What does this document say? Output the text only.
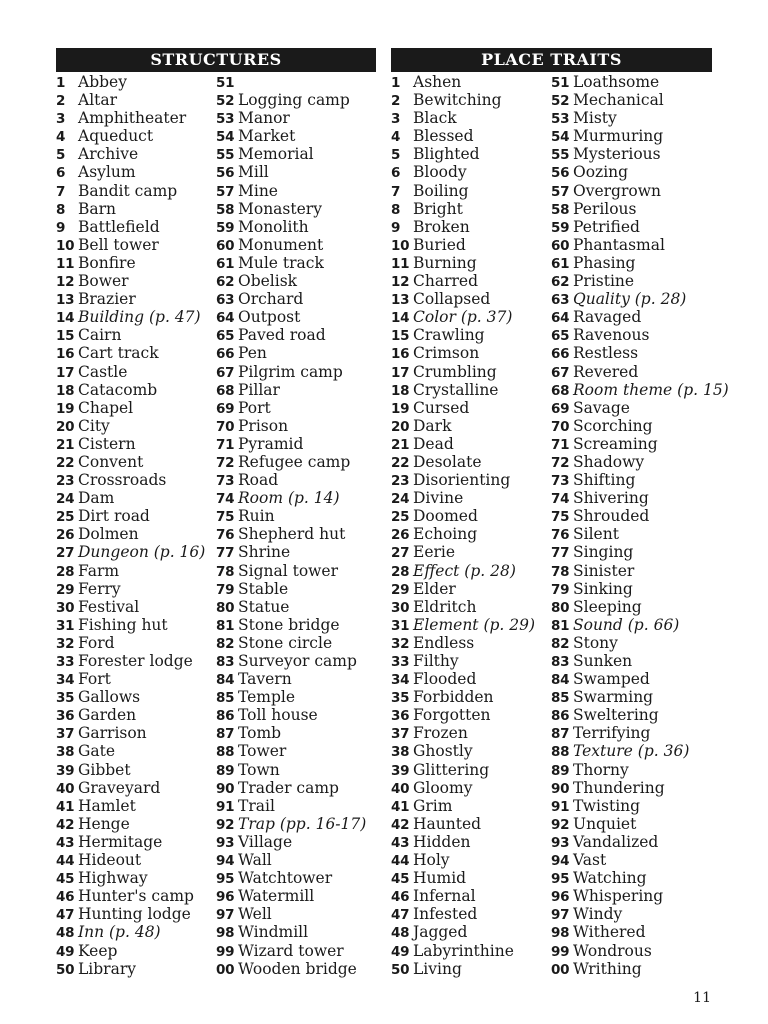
STRUCTURES
1 Abbey
2 Altar
3 Amphitheater
4 Aqueduct
5 Archive
6 Asylum
7 Bandit camp
8 Barn
9 Battlefield
10 Bell tower
11 Bonfire
12 Bower
13 Brazier
14 Building (p. 47)
15 Cairn
16 Cart track
17 Castle
18 Catacomb
19 Chapel
20 City
21 Cistern
22 Convent
23 Crossroads
24 Dam
25 Dirt road
26 Dolmen
27 Dungeon (p. 16)
28 Farm
29 Ferry
30 Festival
31 Fishing hut
32 Ford
33 Forester lodge
34 Fort
35 Gallows
36 Garden
37 Garrison
38 Gate
39 Gibbet
40 Graveyard
41 Hamlet
42 Henge
43 Hermitage
44 Hideout
45 Highway
46 Hunter's camp
47 Hunting lodge
48 Inn (p. 48)
49 Keep
50 Library
51
52 Logging camp
53 Manor
54 Market
55 Memorial
56 Mill
57 Mine
58 Monastery
59 Monolith
60 Monument
61 Mule track
62 Obelisk
63 Orchard
64 Outpost
65 Paved road
66 Pen
67 Pilgrim camp
68 Pillar
69 Port
70 Prison
71 Pyramid
72 Refugee camp
73 Road
74 Room (p. 14)
75 Ruin
76 Shepherd hut
77 Shrine
78 Signal tower
79 Stable
80 Statue
81 Stone bridge
82 Stone circle
83 Surveyor camp
84 Tavern
85 Temple
86 Toll house
87 Tomb
88 Tower
89 Town
90 Trader camp
91 Trail
92 Trap (pp. 16-17)
93 Village
94 Wall
95 Watchtower
96 Watermill
97 Well
98 Windmill
99 Wizard tower
00 Wooden bridge
PLACE TRAITS
1 Ashen
2 Bewitching
3 Black
4 Blessed
5 Blighted
6 Bloody
7 Boiling
8 Bright
9 Broken
10 Buried
11 Burning
12 Charred
13 Collapsed
14 Color (p. 37)
15 Crawling
16 Crimson
17 Crumbling
18 Crystalline
19 Cursed
20 Dark
21 Dead
22 Desolate
23 Disorienting
24 Divine
25 Doomed
26 Echoing
27 Eerie
28 Effect (p. 28)
29 Elder
30 Eldritch
31 Element (p. 29)
32 Endless
33 Filthy
34 Flooded
35 Forbidden
36 Forgotten
37 Frozen
38 Ghostly
39 Glittering
40 Gloomy
41 Grim
42 Haunted
43 Hidden
44 Holy
45 Humid
46 Infernal
47 Infested
48 Jagged
49 Labyrinthine
50 Living
51 Loathsome
52 Mechanical
53 Misty
54 Murmuring
55 Mysterious
56 Oozing
57 Overgrown
58 Perilous
59 Petrified
60 Phantasmal
61 Phasing
62 Pristine
63 Quality (p. 28)
64 Ravaged
65 Ravenous
66 Restless
67 Revered
68 Room theme (p. 15)
69 Savage
70 Scorching
71 Screaming
72 Shadowy
73 Shifting
74 Shivering
75 Shrouded
76 Silent
77 Singing
78 Sinister
79 Sinking
80 Sleeping
81 Sound (p. 66)
82 Stony
83 Sunken
84 Swamped
85 Swarming
86 Sweltering
87 Terrifying
88 Texture (p. 36)
89 Thorny
90 Thundering
91 Twisting
92 Unquiet
93 Vandalized
94 Vast
95 Watching
96 Whispering
97 Windy
98 Withered
99 Wondrous
00 Writhing
11
